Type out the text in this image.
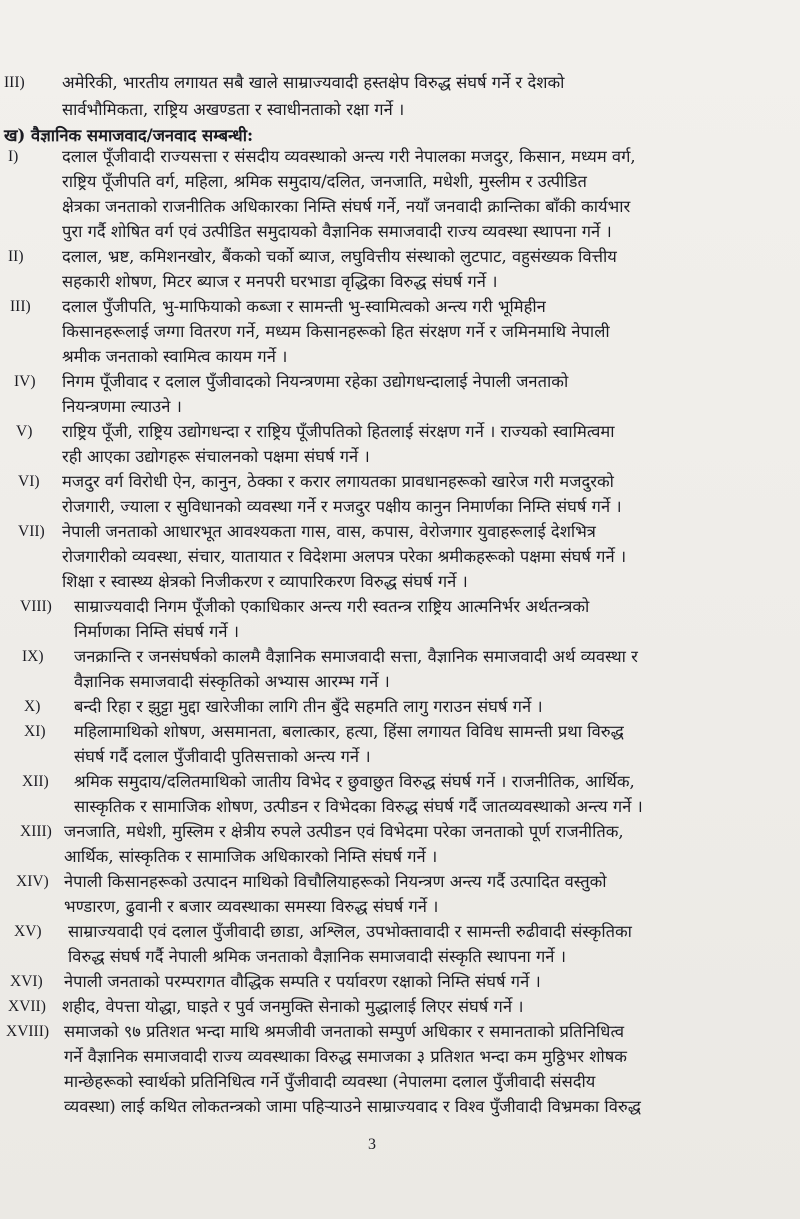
III)	अमेरिकी, भारतीय लगायत सबै खाले साम्राज्यवादी हस्तक्षेप विरुद्ध संघर्ष गर्ने र देशको
सार्वभौमिकता, राष्ट्रिय अखण्डता र स्वाधीनताको रक्षा गर्ने ।
ख) वैज्ञानिक समाजवाद/जनवाद सम्बन्धी:
I)	दलाल पूँजीवादी राज्यसत्ता र संसदीय व्यवस्थाको अन्त्य गरी नेपालका मजदुर, किसान, मध्यम वर्ग,
राष्ट्रिय पूँजीपति वर्ग, महिला, श्रमिक समुदाय/दलित, जनजाति, मधेशी, मुस्लीम र उत्पीडित
क्षेत्रका जनताको राजनीतिक अधिकारका निम्ति संघर्ष गर्ने, नयाँ जनवादी क्रान्तिका बाँकी कार्यभार
पुरा गर्दै शोषित वर्ग एवं उत्पीडित समुदायको वैज्ञानिक समाजवादी राज्य व्यवस्था स्थापना गर्ने ।
II)	दलाल, भ्रष्ट, कमिशनखोर, बैंकको चर्को ब्याज, लघुवित्तीय संस्थाको लुटपाट, वहुसंख्यक वित्तीय
सहकारी शोषण, मिटर ब्याज र मनपरी घरभाडा वृद्धिका विरुद्ध संघर्ष गर्ने ।
III)	दलाल पुँजीपति, भु-माफियाको कब्जा र सामन्ती भु-स्वामित्वको अन्त्य गरी भूमिहीन
किसानहरूलाई जग्गा वितरण गर्ने, मध्यम किसानहरूको हित संरक्षण गर्ने र जमिनमाथि नेपाली
श्रमीक जनताको स्वामित्व कायम गर्ने ।
IV)	निगम पूँजीवाद र दलाल पुँजीवादको नियन्त्रणमा रहेका उद्योगधन्दालाई नेपाली जनताको
नियन्त्रणमा ल्याउने ।
V)	राष्ट्रिय पूँजी, राष्ट्रिय उद्योगधन्दा र राष्ट्रिय पूँजीपतिको हितलाई संरक्षण गर्ने । राज्यको स्वामित्वमा
रही आएका उद्योगहरू संचालनको पक्षमा संघर्ष गर्ने ।
VI)	मजदुर वर्ग विरोधी ऐन, कानुन, ठेक्का र करार लगायतका प्रावधानहरूको खारेज गरी मजदुरको
रोजगारी, ज्याला र सुविधानको व्यवस्था गर्ने र मजदुर पक्षीय कानुन निमार्णका निम्ति संघर्ष गर्ने ।
VII)	नेपाली जनताको आधारभूत आवश्यकता गास, वास, कपास, वेरोजगार युवाहरूलाई देशभित्र
रोजगारीको व्यवस्था, संचार, यातायात र विदेशमा अलपत्र परेका श्रमीकहरूको पक्षमा संघर्ष गर्ने ।
शिक्षा र स्वास्थ्य क्षेत्रको निजीकरण र व्यापारिकरण विरुद्ध संघर्ष गर्ने ।
VIII)	साम्राज्यवादी निगम पूँजीको एकाधिकार अन्त्य गरी स्वतन्त्र राष्ट्रिय आत्मनिर्भर अर्थतन्त्रको
निर्माणका निम्ति संघर्ष गर्ने ।
IX)	जनक्रान्ति र जनसंघर्षको कालमै वैज्ञानिक समाजवादी सत्ता, वैज्ञानिक समाजवादी अर्थ व्यवस्था र
वैज्ञानिक समाजवादी संस्कृतिको अभ्यास आरम्भ गर्ने ।
X)	बन्दी रिहा र झुट्टा मुद्दा खारेजीका लागि तीन बुँदे सहमति लागु गराउन संघर्ष गर्ने ।
XI)	महिलामाथिको शोषण, असमानता, बलात्कार, हत्या, हिंसा लगायत विविध सामन्ती प्रथा विरुद्ध
संघर्ष गर्दै दलाल पुँजीवादी पुतिसत्ताको अन्त्य गर्ने ।
XII)	श्रमिक समुदाय/दलितमाथिको जातीय विभेद र छुवाछुत विरुद्ध संघर्ष गर्ने । राजनीतिक, आर्थिक,
सास्कृतिक र सामाजिक शोषण, उत्पीडन र विभेदका विरुद्ध संघर्ष गर्दै जातव्यवस्थाको अन्त्य गर्ने ।
XIII) जनजाति, मधेशी, मुस्लिम र क्षेत्रीय रुपले उत्पीडन एवं विभेदमा परेका जनताको पूर्ण राजनीतिक,
आर्थिक, सांस्कृतिक र सामाजिक अधिकारको निम्ति संघर्ष गर्ने ।
XIV) नेपाली किसानहरूको उत्पादन माथिको विचौलियाहरूको नियन्त्रण अन्त्य गर्दै उत्पादित वस्तुको
भण्डारण, ढुवानी र बजार व्यवस्थाका समस्या विरुद्ध संघर्ष गर्ने ।
XV)	साम्राज्यवादी एवं दलाल पुँजीवादी छाडा, अश्लिल, उपभोक्तावादी र सामन्ती रुढीवादी संस्कृतिका
विरुद्ध संघर्ष गर्दै नेपाली श्रमिक जनताको वैज्ञानिक समाजवादी संस्कृति स्थापना गर्ने ।
XVI)	नेपाली जनताको परम्परागत वौद्धिक सम्पति र पर्यावरण रक्षाको निम्ति संघर्ष गर्ने ।
XVII) शहीद, वेपत्ता योद्धा, घाइते र पुर्व जनमुक्ति सेनाको मुद्धालाई लिएर संघर्ष गर्ने ।
XVIII) समाजको ९७ प्रतिशत भन्दा माथि श्रमजीवी जनताको सम्पुर्ण अधिकार र समानताको प्रतिनिधित्व
गर्ने वैज्ञानिक समाजवादी राज्य व्यवस्थाका विरुद्ध समाजका ३ प्रतिशत भन्दा कम मुठ्ठिभर शोषक
मान्छेहरूको स्वार्थको प्रतिनिधित्व गर्ने पुँजीवादी व्यवस्था (नेपालमा दलाल पुँजीवादी संसदीय
व्यवस्था) लाई कथित लोकतन्त्रको जामा पहिऱ्याउने साम्राज्यवाद र विश्व पुँजीवादी विभ्रमका विरुद्ध
3
